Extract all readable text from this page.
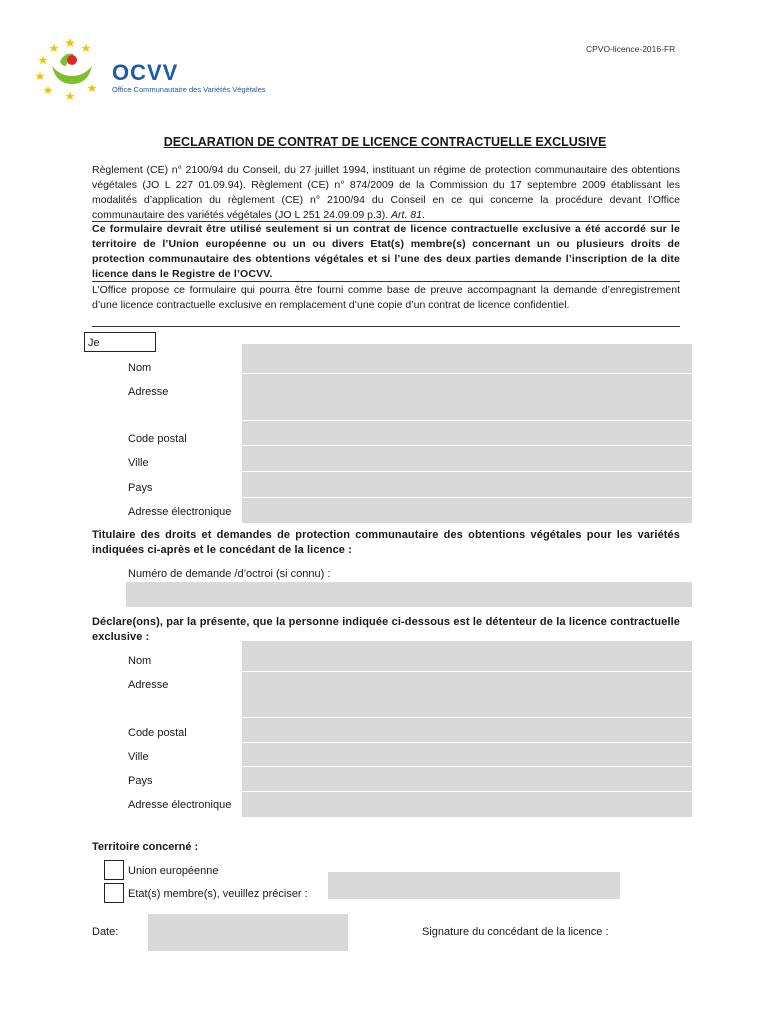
CPVO-licence-2016-FR
OCVV
Office Communautaire des Variétés Végétales
DECLARATION DE CONTRAT DE LICENCE CONTRACTUELLE EXCLUSIVE
Règlement (CE) n° 2100/94 du Conseil, du 27 juillet 1994, instituant un régime de protection communautaire des obtentions végétales (JO L 227 01.09.94). Règlement (CE) n° 874/2009 de la Commission du 17 septembre 2009 établissant les modalités d’application du règlement (CE) n° 2100/94 du Conseil en ce qui concerne la procédure devant l’Office communautaire des variétés végétales (JO L 251 24.09.09 p.3). Art. 81.
Ce formulaire devrait être utilisé seulement si un contrat de licence contractuelle exclusive a été accordé sur le territoire de l’Union européenne ou un ou divers Etat(s) membre(s) concernant un ou plusieurs droits de protection communautaire des obtentions végétales et si l’une des deux parties demande l’inscription de la dite licence dans le Registre de l’OCVV.
L’Office propose ce formulaire qui pourra être fourni comme base de preuve accompagnant la demande d’enregistrement d’une licence contractuelle exclusive en remplacement d’une copie d’un contrat de licence confidentiel.
Je
Nom
Adresse
Code postal
Ville
Pays
Adresse électronique
Titulaire des droits et demandes de protection communautaire des obtentions végétales pour les variétés indiquées ci-après et le concédant de la licence :
Numéro de demande /d’octroi (si connu) :
Déclare(ons), par la présente, que la personne indiquée ci-dessous est le détenteur de la licence contractuelle exclusive :
Nom
Adresse
Code postal
Ville
Pays
Adresse électronique
Territoire concerné :
Union européenne
Etat(s) membre(s), veuillez préciser :
Date:	Signature du concédant de la licence :
